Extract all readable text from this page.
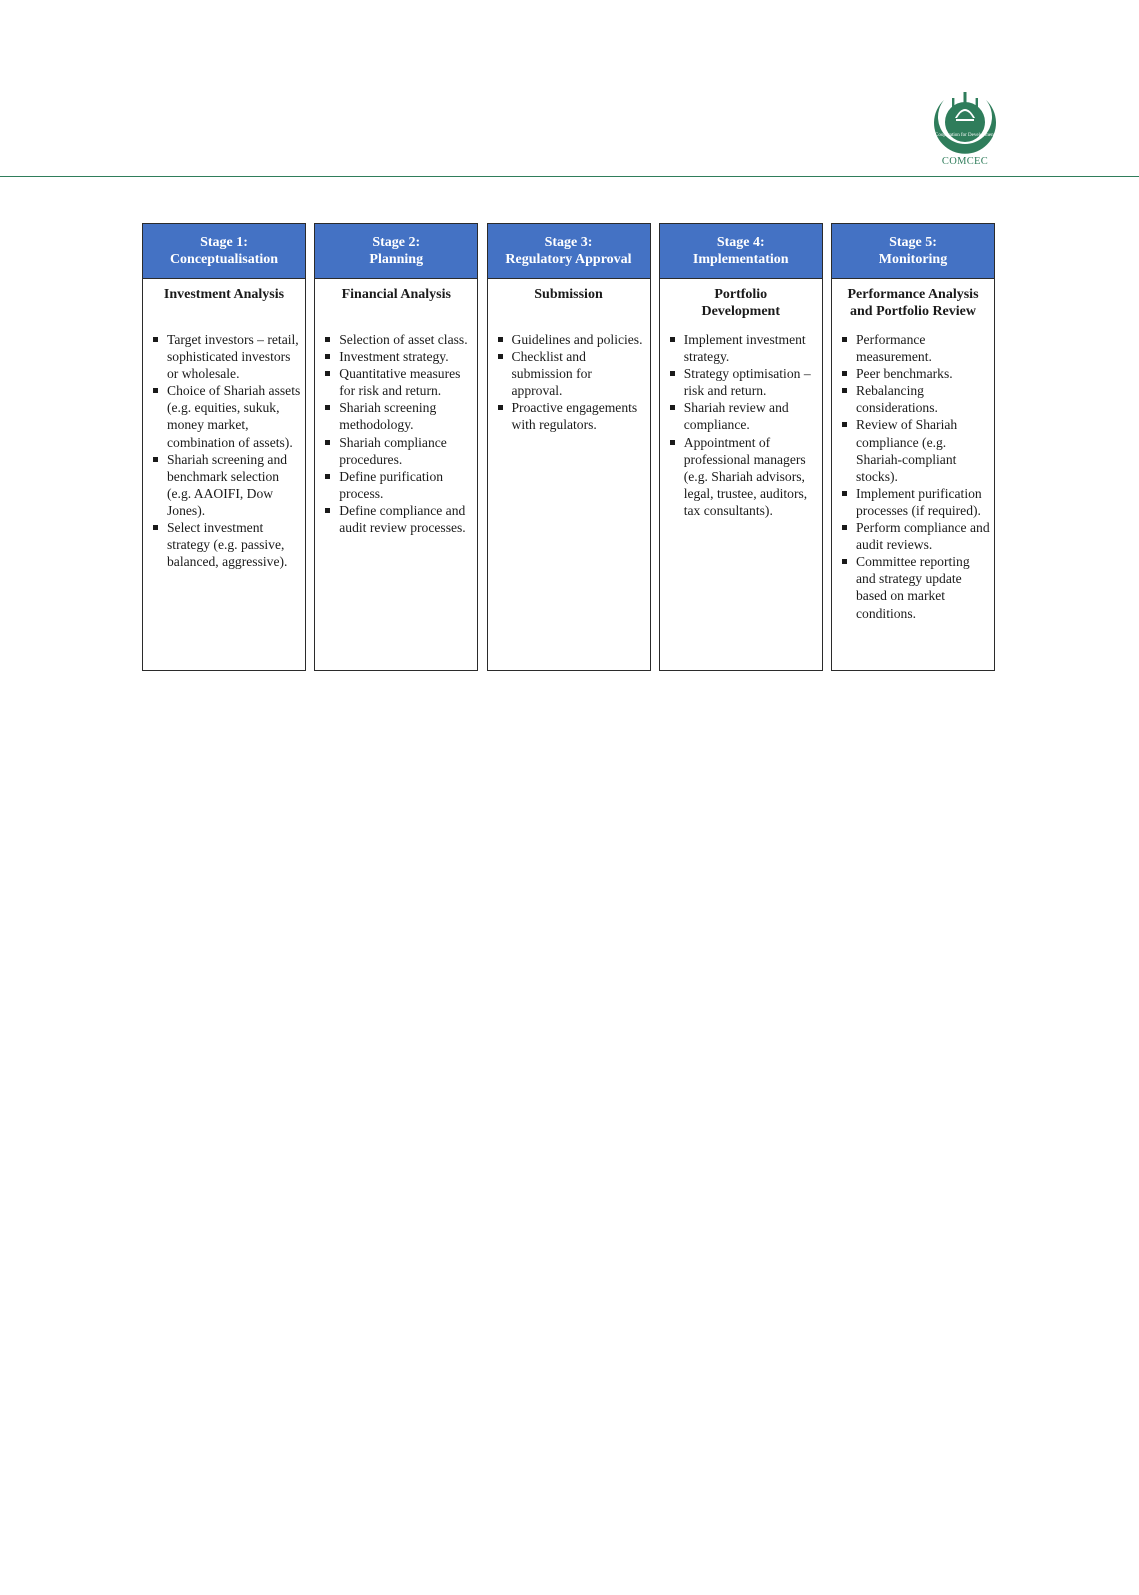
Cooperation for Development
COMCEC
Stage 1:
Conceptualisation
Investment Analysis
Target investors – retail, sophisticated investors or wholesale.
Choice of Shariah assets (e.g. equities, sukuk, money market, combination of assets).
Shariah screening and benchmark selection (e.g. AAOIFI, Dow Jones).
Select investment strategy (e.g. passive, balanced, aggressive).
Stage 2:
Planning
Financial Analysis
Selection of asset class.
Investment strategy.
Quantitative measures for risk and return.
Shariah screening methodology.
Shariah compliance procedures.
Define purification process.
Define compliance and audit review processes.
Stage 3:
Regulatory Approval
Submission
Guidelines and policies.
Checklist and submission for approval.
Proactive engagements with regulators.
Stage 4:
Implementation
Portfolio
Development
Implement investment strategy.
Strategy optimisation – risk and return.
Shariah review and compliance.
Appointment of professional managers (e.g. Shariah advisors, legal, trustee, auditors, tax consultants).
Stage 5:
Monitoring
Performance Analysis
and Portfolio Review
Performance measurement.
Peer benchmarks.
Rebalancing considerations.
Review of Shariah compliance (e.g. Shariah-compliant stocks).
Implement purification processes (if required).
Perform compliance and audit reviews.
Committee reporting and strategy update based on market conditions.
